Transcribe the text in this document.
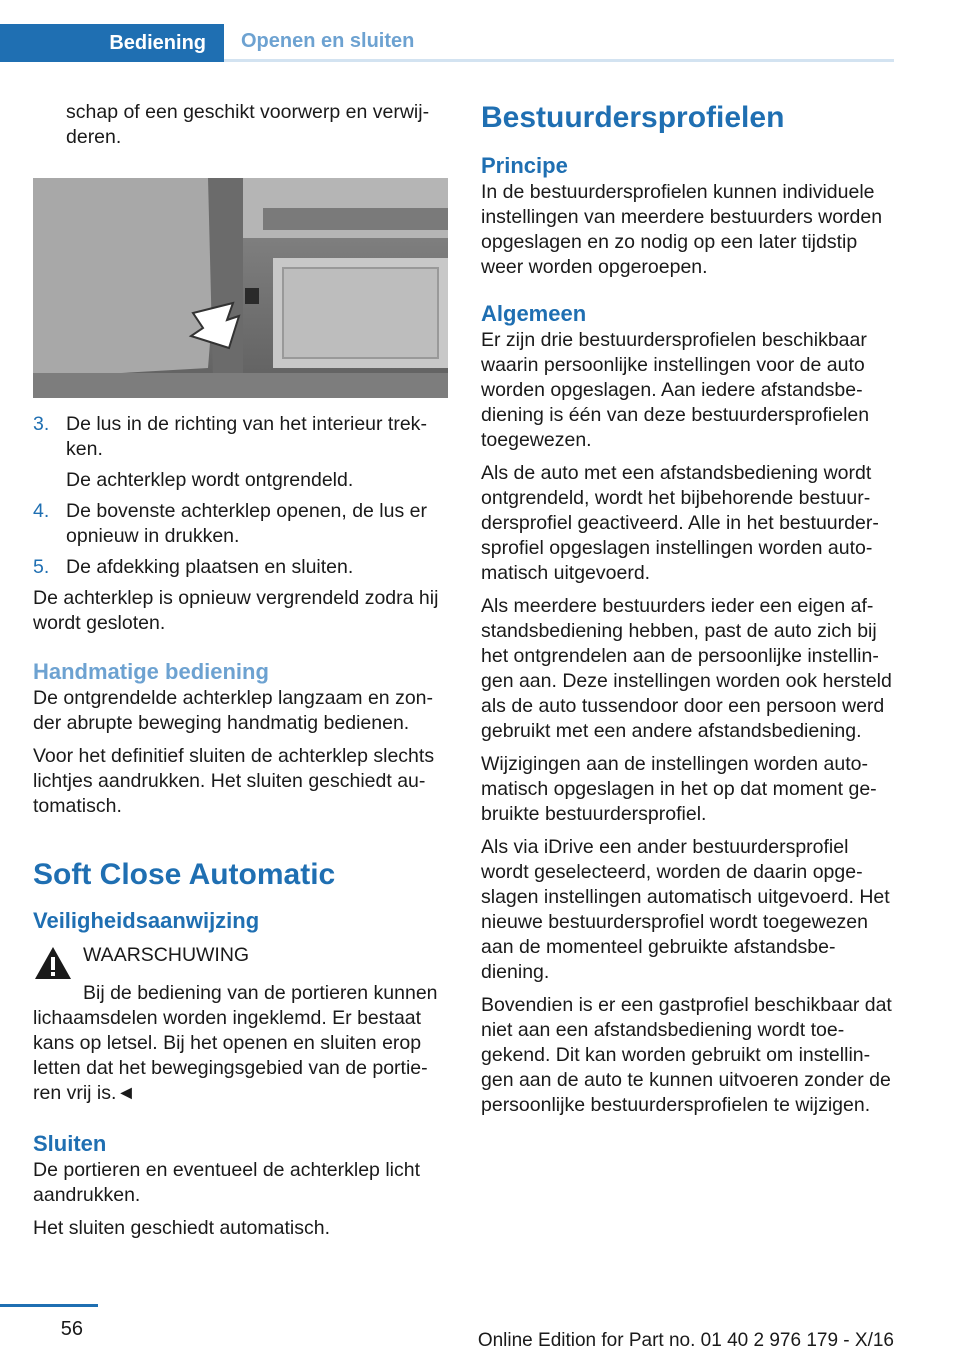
Bediening	Openen en sluiten

schap of een geschikt voorwerp en verwijderen.

3. De lus in de richting van het interieur trekken.

De achterklep wordt ontgrendeld.

4. De bovenste achterklep openen, de lus er opnieuw in drukken.
5. De afdekking plaatsen en sluiten.

De achterklep is opnieuw vergrendeld zodra hij wordt gesloten.

Handmatige bediening

De ontgrendelde achterklep langzaam en zonder abrupte beweging handmatig bedienen.

Voor het definitief sluiten de achterklep slechts lichtjes aandrukken. Het sluiten geschiedt automatisch.

Soft Close Automatic
Veiligheidsaanwijzing

WAARSCHUWING

Bij de bediening van de portieren kunnen lichaamsdelen worden ingeklemd. Er bestaat kans op letsel. Bij het openen en sluiten erop letten dat het bewegingsgebied van de portieren vrij is.◄

Sluiten

De portieren en eventueel de achterklep licht aandrukken.

Het sluiten geschiedt automatisch.

Bestuurdersprofielen
Principe

In de bestuurdersprofielen kunnen individuele instellingen van meerdere bestuurders worden opgeslagen en zo nodig op een later tijdstip weer worden opgeroepen.

Algemeen

Er zijn drie bestuurdersprofielen beschikbaar waarin persoonlijke instellingen voor de auto worden opgeslagen. Aan iedere afstandsbediening is één van deze bestuurdersprofielen toegewezen.

Als de auto met een afstandsbediening wordt ontgrendeld, wordt het bijbehorende bestuurdersprofiel geactiveerd. Alle in het bestuurdersprofiel opgeslagen instellingen worden automatisch uitgevoerd.

Als meerdere bestuurders ieder een eigen afstandsbediening hebben, past de auto zich bij het ontgrendelen aan de persoonlijke instellingen aan. Deze instellingen worden ook hersteld als de auto tussendoor door een persoon werd gebruikt met een andere afstandsbediening.

Wijzigingen aan de instellingen worden automatisch opgeslagen in het op dat moment gebruikte bestuurdersprofiel.

Als via iDrive een ander bestuurdersprofiel wordt geselecteerd, worden de daarin opgeslagen instellingen automatisch uitgevoerd. Het nieuwe bestuurdersprofiel wordt toegewezen aan de momenteel gebruikte afstandsbediening.

Bovendien is er een gastprofiel beschikbaar dat niet aan een afstandsbediening wordt toegekend. Dit kan worden gebruikt om instellingen aan de auto te kunnen uitvoeren zonder de persoonlijke bestuurdersprofielen te wijzigen.

56
Online Edition for Part no. 01 40 2 976 179 - X/16
